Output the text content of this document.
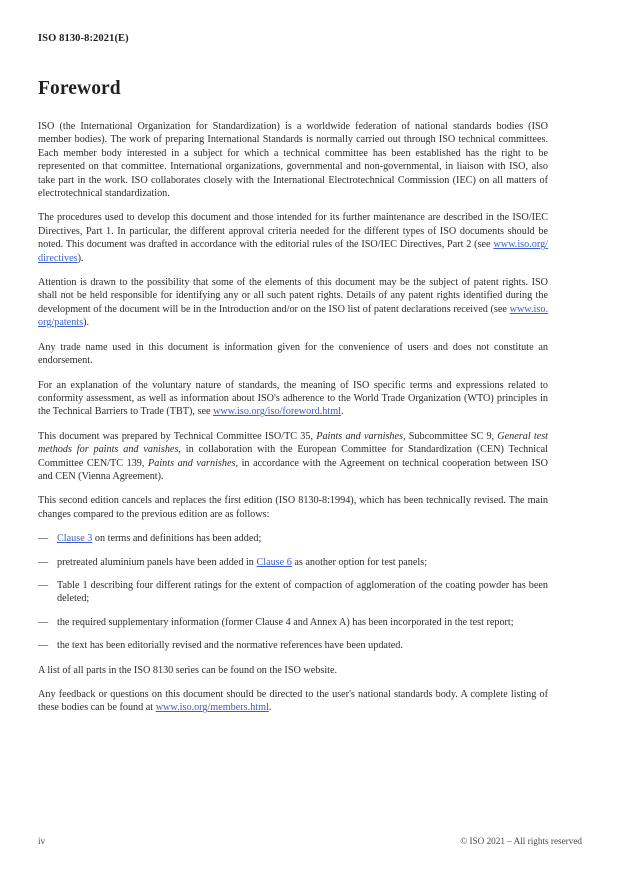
ISO 8130-8:2021(E)
Foreword

ISO (the International Organization for Standardization) is a worldwide federation of national standards bodies (ISO member bodies). The work of preparing International Standards is normally carried out through ISO technical committees. Each member body interested in a subject for which a technical committee has been established has the right to be represented on that committee. International organizations, governmental and non-governmental, in liaison with ISO, also take part in the work. ISO collaborates closely with the International Electrotechnical Commission (IEC) on all matters of electrotechnical standardization.

The procedures used to develop this document and those intended for its further maintenance are described in the ISO/IEC Directives, Part 1. In particular, the different approval criteria needed for the different types of ISO documents should be noted. This document was drafted in accordance with the editorial rules of the ISO/IEC Directives, Part 2 (see www.iso.org/directives).

Attention is drawn to the possibility that some of the elements of this document may be the subject of patent rights. ISO shall not be held responsible for identifying any or all such patent rights. Details of any patent rights identified during the development of the document will be in the Introduction and/or on the ISO list of patent declarations received (see www.iso.org/patents).

Any trade name used in this document is information given for the convenience of users and does not constitute an endorsement.

For an explanation of the voluntary nature of standards, the meaning of ISO specific terms and expressions related to conformity assessment, as well as information about ISO's adherence to the World Trade Organization (WTO) principles in the Technical Barriers to Trade (TBT), see www.iso.org/iso/foreword.html.

This document was prepared by Technical Committee ISO/TC 35, Paints and varnishes, Subcommittee SC 9, General test methods for paints and vanishes, in collaboration with the European Committee for Standardization (CEN) Technical Committee CEN/TC 139, Paints and varnishes, in accordance with the Agreement on technical cooperation between ISO and CEN (Vienna Agreement).

This second edition cancels and replaces the first edition (ISO 8130-8:1994), which has been technically revised. The main changes compared to the previous edition are as follows:

— Clause 3 on terms and definitions has been added;
— pretreated aluminium panels have been added in Clause 6 as another option for test panels;
— Table 1 describing four different ratings for the extent of compaction of agglomeration of the coating powder has been deleted;
— the required supplementary information (former Clause 4 and Annex A) has been incorporated in the test report;
— the text has been editorially revised and the normative references have been updated.

A list of all parts in the ISO 8130 series can be found on the ISO website.

Any feedback or questions on this document should be directed to the user's national standards body. A complete listing of these bodies can be found at www.iso.org/members.html.

iv	© ISO 2021 – All rights reserved
